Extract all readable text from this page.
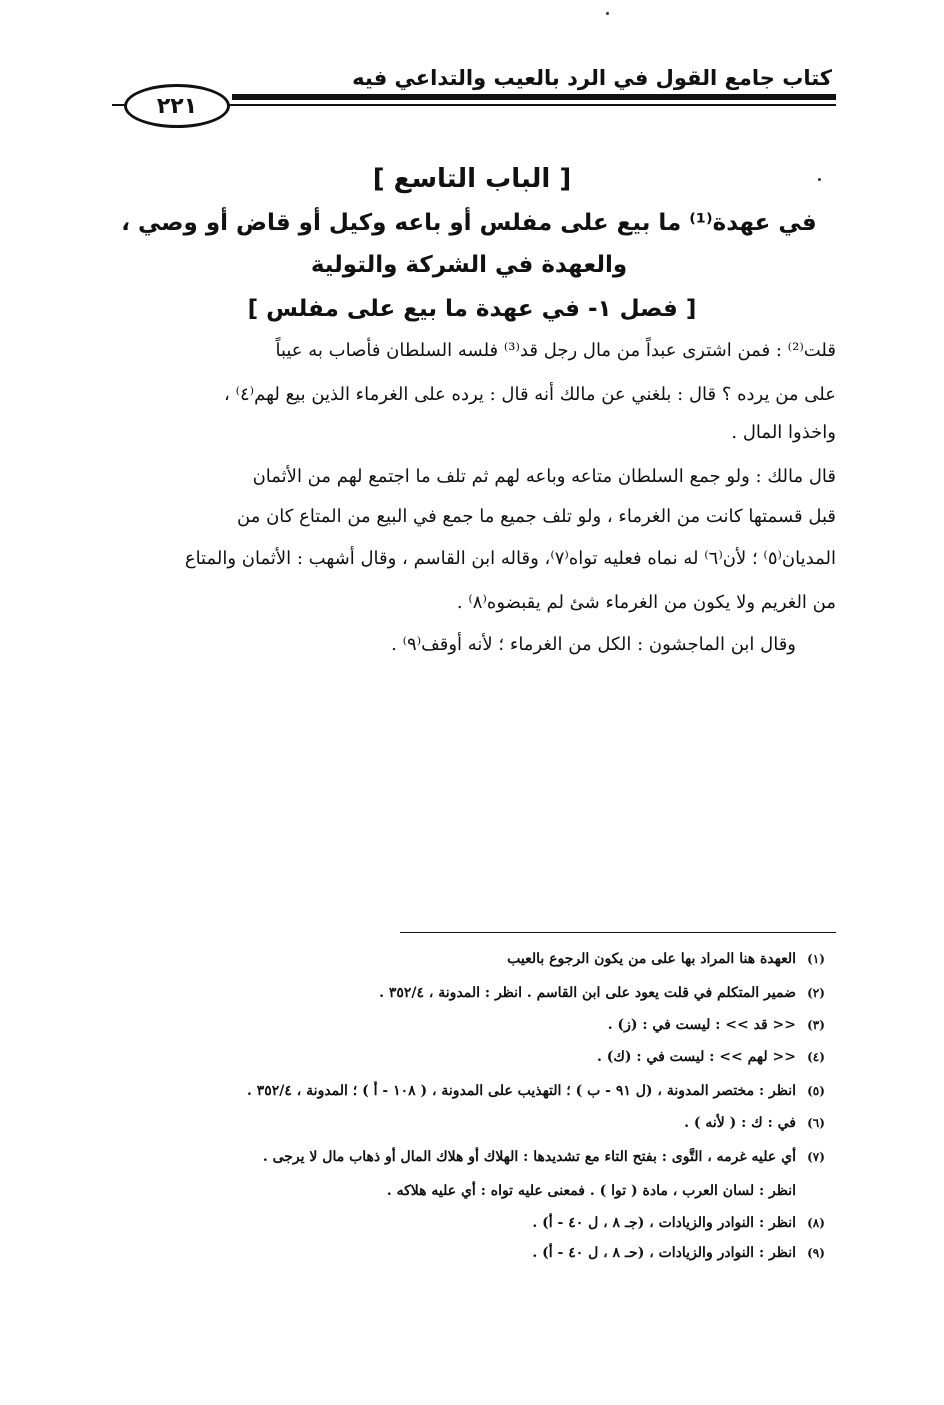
كتاب جامع القول في الرد بالعيب والتداعي فيه
٢٢١
[ الباب التاسع ]
في عهدة⁽¹⁾ ما بيع على مفلس أو باعه وكيل أو قاض أو وصي ،
والعهدة في الشركة والتولية
[ فصل ١- في عهدة ما بيع على مفلس ]
قلت⁽²⁾ : فمن اشترى عبداً من مال رجل قد⁽³⁾ فلسه السلطان فأصاب به عيباً
على من يرده ؟ قال : بلغني عن مالك أنه قال : يرده على الغرماء الذين بيع لهم⁽٤⁾ ،
واخذوا المال .
قال مالك : ولو جمع السلطان متاعه وباعه لهم ثم تلف ما اجتمع لهم من الأثمان
قبل قسمتها كانت من الغرماء ، ولو تلف جميع ما جمع في البيع من المتاع كان من
المديان⁽٥⁾ ؛ لأن⁽٦⁾ له نماه فعليه تواه⁽٧⁾، وقاله ابن القاسم ، وقال أشهب : الأثمان والمتاع
من الغريم ولا يكون من الغرماء شئ لم يقبضوه⁽٨⁾ .
وقال ابن الماجشون : الكل من الغرماء ؛ لأنه أوقف⁽٩⁾ .
(١)العهدة هنا المراد بها على من يكون الرجوع بالعيب
(٢)ضمير المتكلم في قلت يعود على ابن القاسم . انظر : المدونة ، ٣٥٢/٤ .
(٣)<< قد >> : ليست في : (ز) .
(٤)<< لهم >> : ليست في : (ك) .
(٥)انظر : مختصر المدونة ، (ل ٩١ - ب ) ؛ التهذيب على المدونة ، ( ١٠٨ - أ ) ؛ المدونة ، ٣٥٢/٤ .
(٦)في : ك : ( لأنه ) .
(٧)أي عليه غرمه ، التَّوى : بفتح التاء مع تشديدها : الهلاك أو هلاك المال أو ذهاب مال لا يرجى .
انظر : لسان العرب ، مادة ( توا ) . فمعنى عليه تواه : أي عليه هلاكه .
(٨)انظر : النوادر والزيادات ، (جـ ٨ ، ل ٤٠ - أ) .
(٩)انظر : النوادر والزيادات ، (حـ ٨ ، ل ٤٠ - أ) .
